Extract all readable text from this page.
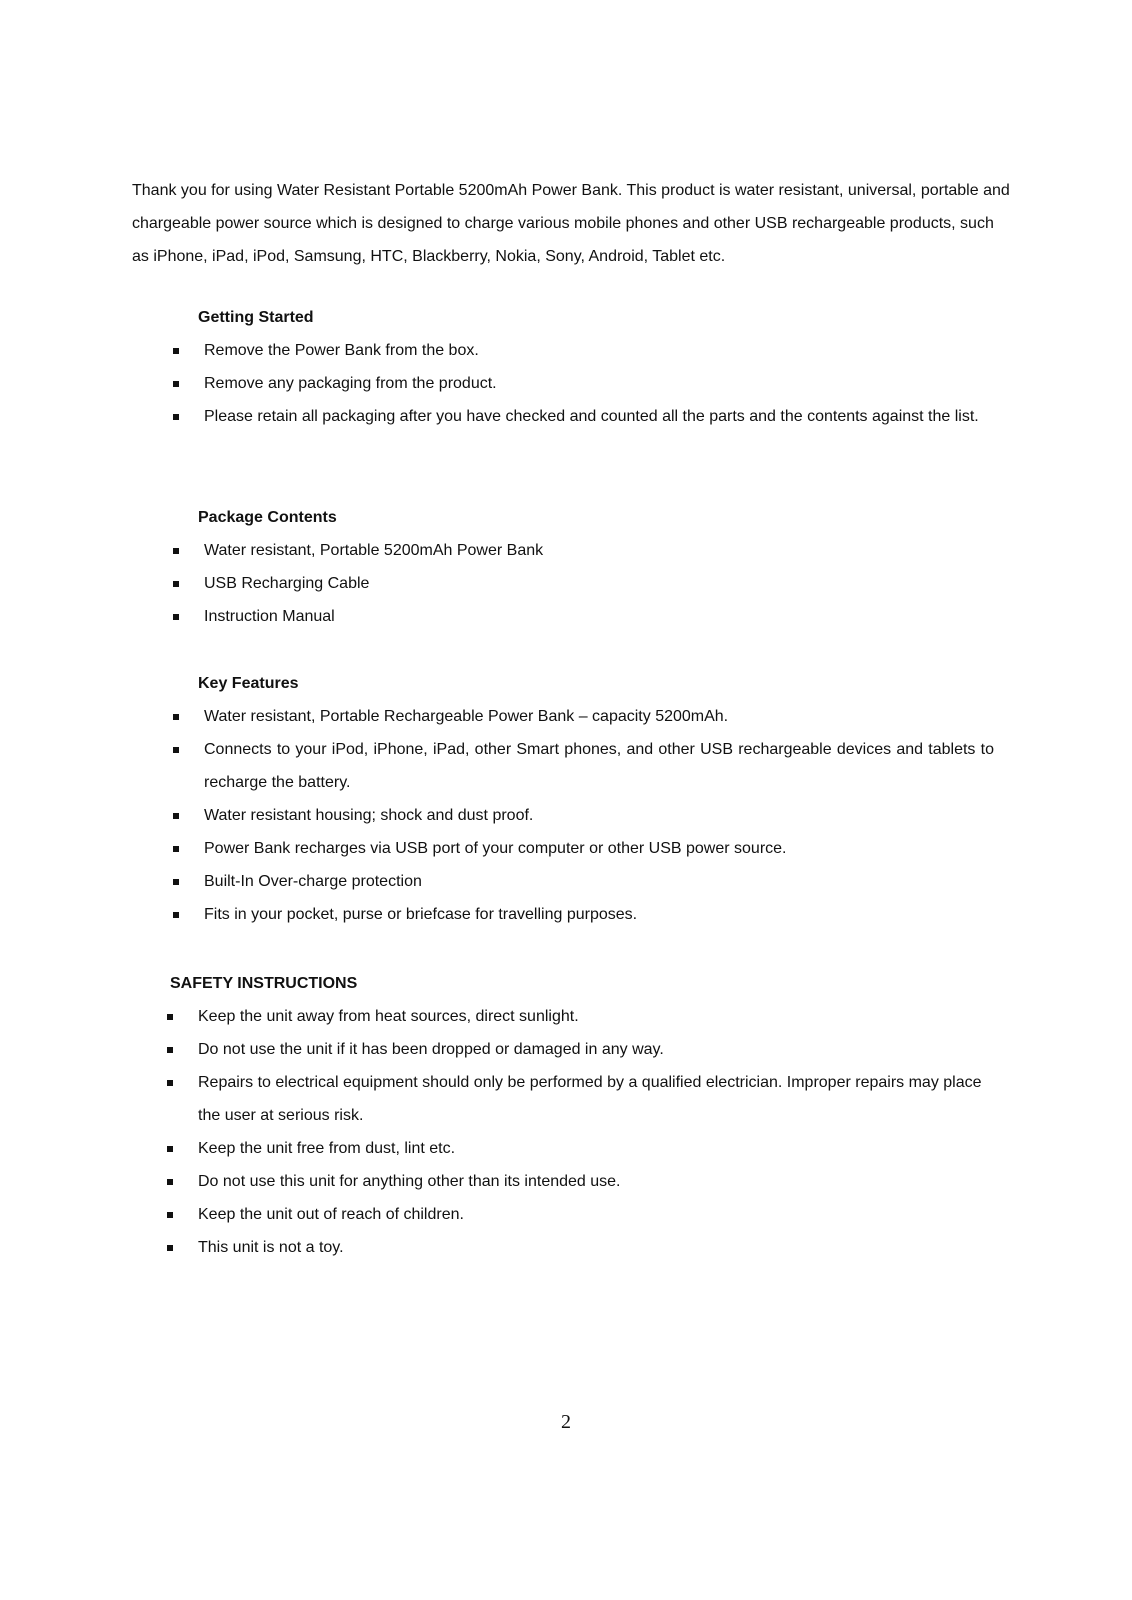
Thank you for using Water Resistant Portable 5200mAh Power Bank. This product is water resistant, universal, portable and chargeable power source which is designed to charge various mobile phones and other USB rechargeable products, such as iPhone, iPad, iPod, Samsung, HTC, Blackberry, Nokia, Sony, Android, Tablet etc.

Getting Started
Remove the Power Bank from the box.
Remove any packaging from the product.
Please retain all packaging after you have checked and counted all the parts and the contents against the list.
Package Contents
Water resistant, Portable 5200mAh Power Bank
USB Recharging Cable
Instruction Manual
Key Features
Water resistant, Portable Rechargeable Power Bank – capacity 5200mAh.
Connects to your iPod, iPhone, iPad, other Smart phones, and other USB rechargeable devices and tablets to recharge the battery.
Water resistant housing; shock and dust proof.
Power Bank recharges via USB port of your computer or other USB power source.
Built-In Over-charge protection
Fits in your pocket, purse or briefcase for travelling purposes.
SAFETY INSTRUCTIONS
Keep the unit away from heat sources, direct sunlight.
Do not use the unit if it has been dropped or damaged in any way.
Repairs to electrical equipment should only be performed by a qualified electrician. Improper repairs may place the user at serious risk.
Keep the unit free from dust, lint etc.
Do not use this unit for anything other than its intended use.
Keep the unit out of reach of children.
This unit is not a toy.
2
